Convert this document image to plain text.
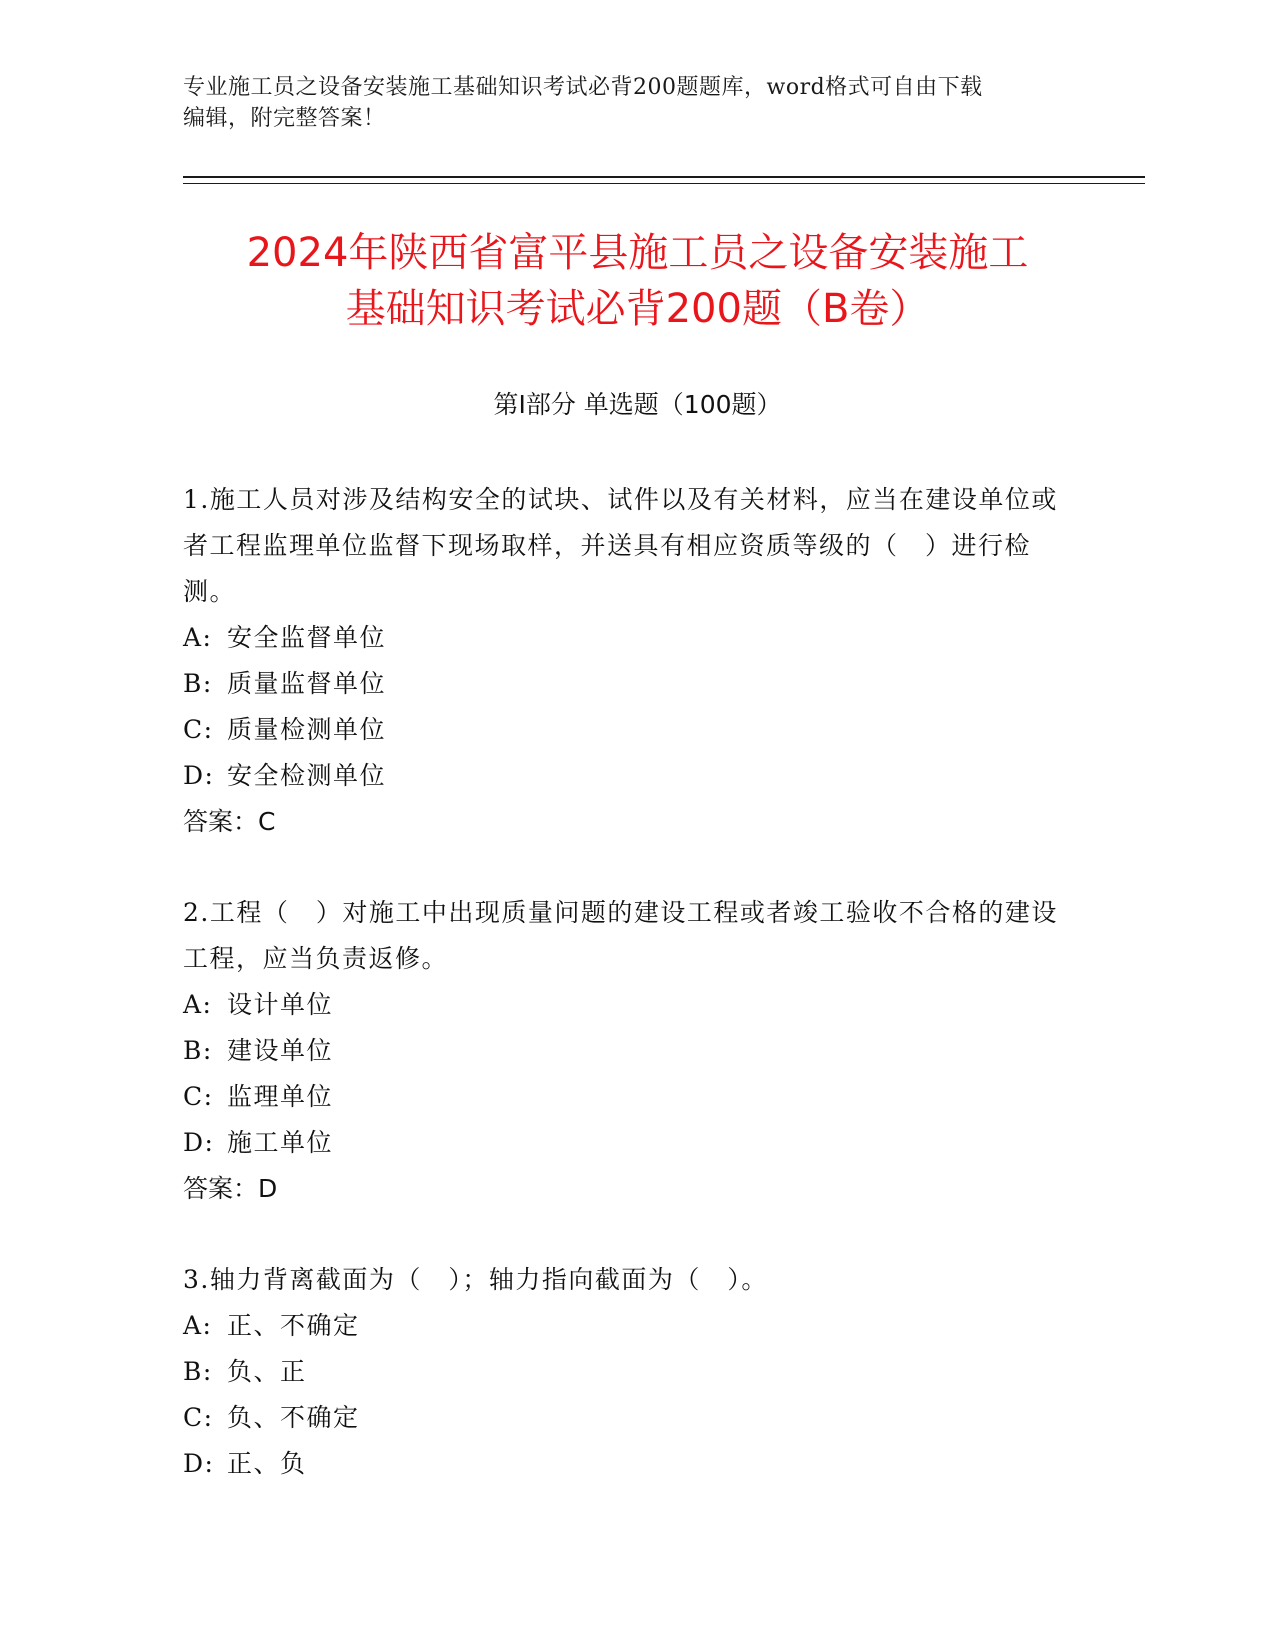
专业施工员之设备安装施工基础知识考试必背200题题库，word格式可自由下载
编辑，附完整答案！
2024年陕西省富平县施工员之设备安装施工
基础知识考试必背200题（B卷）
第Ⅰ部分 单选题（100题）

1.施工人员对涉及结构安全的试块、试件以及有关材料，应当在建设单位或者工程监理单位监督下现场取样，并送具有相应资质等级的（　）进行检测。

A: 安全监督单位

B: 质量监督单位

C: 质量检测单位

D: 安全检测单位

答案：C

2.工程（　）对施工中出现质量问题的建设工程或者竣工验收不合格的建设工程，应当负责返修。

A: 设计单位

B: 建设单位

C: 监理单位

D: 施工单位

答案：D

3.轴力背离截面为（　）；轴力指向截面为（　）。

A: 正、不确定

B: 负、正

C: 负、不确定

D: 正、负
